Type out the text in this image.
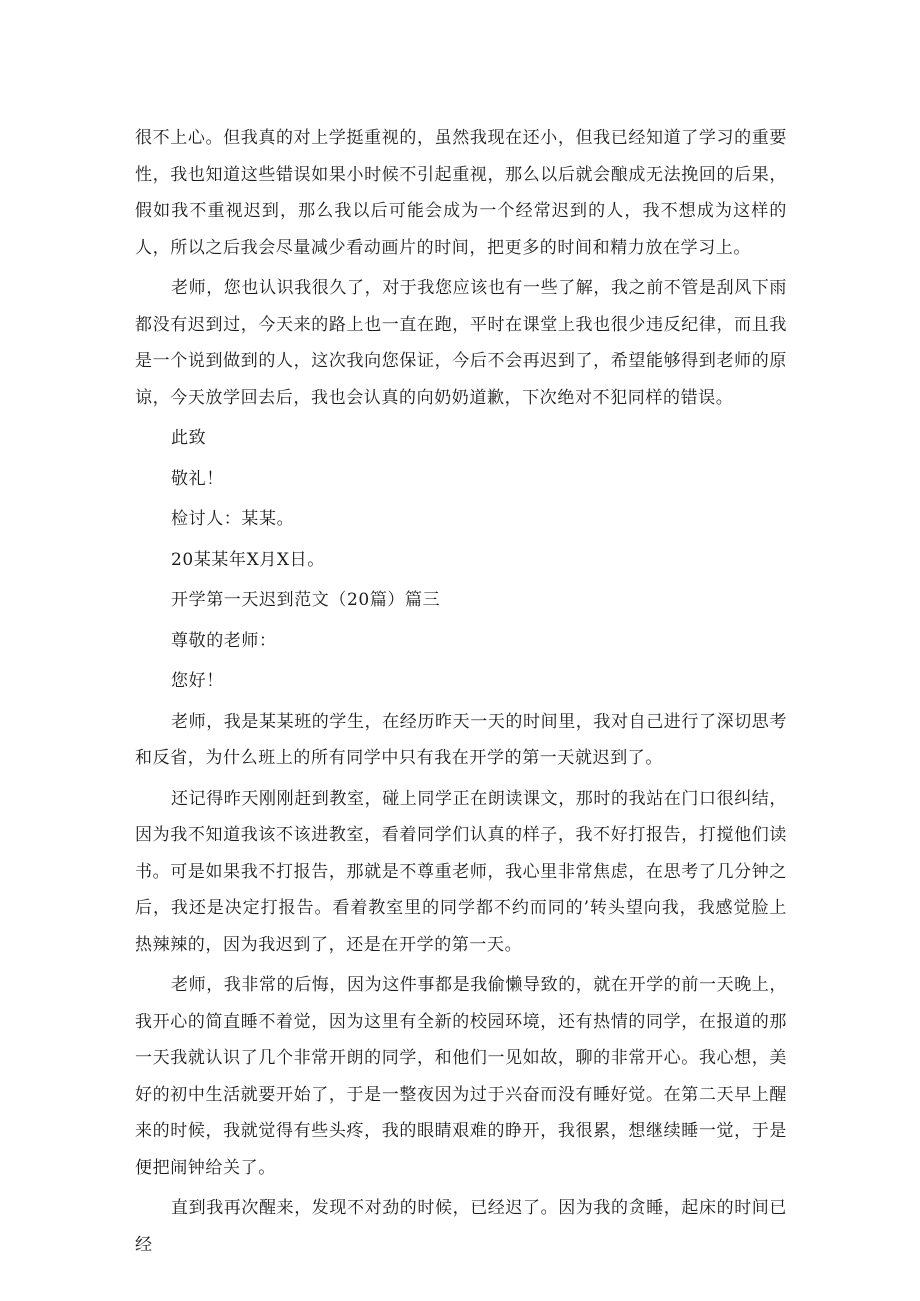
很不上心。但我真的对上学挺重视的，虽然我现在还小，但我已经知道了学习的重要性，我也知道这些错误如果小时候不引起重视，那么以后就会酿成无法挽回的后果，假如我不重视迟到，那么我以后可能会成为一个经常迟到的人，我不想成为这样的人，所以之后我会尽量减少看动画片的时间，把更多的时间和精力放在学习上。

老师，您也认识我很久了，对于我您应该也有一些了解，我之前不管是刮风下雨都没有迟到过，今天来的路上也一直在跑，平时在课堂上我也很少违反纪律，而且我是一个说到做到的人，这次我向您保证，今后不会再迟到了，希望能够得到老师的原谅，今天放学回去后，我也会认真的向奶奶道歉，下次绝对不犯同样的错误。

此致
敬礼！
检讨人：某某。
20某某年X月X日。
开学第一天迟到范文（20篇）篇三
尊敬的老师：
您好！

老师，我是某某班的学生，在经历昨天一天的时间里，我对自己进行了深切思考和反省，为什么班上的所有同学中只有我在开学的第一天就迟到了。

还记得昨天刚刚赶到教室，碰上同学正在朗读课文，那时的我站在门口很纠结，因为我不知道我该不该进教室，看着同学们认真的样子，我不好打报告，打搅他们读书。可是如果我不打报告，那就是不尊重老师，我心里非常焦虑，在思考了几分钟之后，我还是决定打报告。看着教室里的同学都不约而同的’转头望向我，我感觉脸上热辣辣的，因为我迟到了，还是在开学的第一天。

老师，我非常的后悔，因为这件事都是我偷懒导致的，就在开学的前一天晚上，我开心的简直睡不着觉，因为这里有全新的校园环境，还有热情的同学，在报道的那一天我就认识了几个非常开朗的同学，和他们一见如故，聊的非常开心。我心想，美好的初中生活就要开始了，于是一整夜因为过于兴奋而没有睡好觉。在第二天早上醒来的时候，我就觉得有些头疼，我的眼睛艰难的睁开，我很累，想继续睡一觉，于是便把闹钟给关了。

直到我再次醒来，发现不对劲的时候，已经迟了。因为我的贪睡，起床的时间已经
